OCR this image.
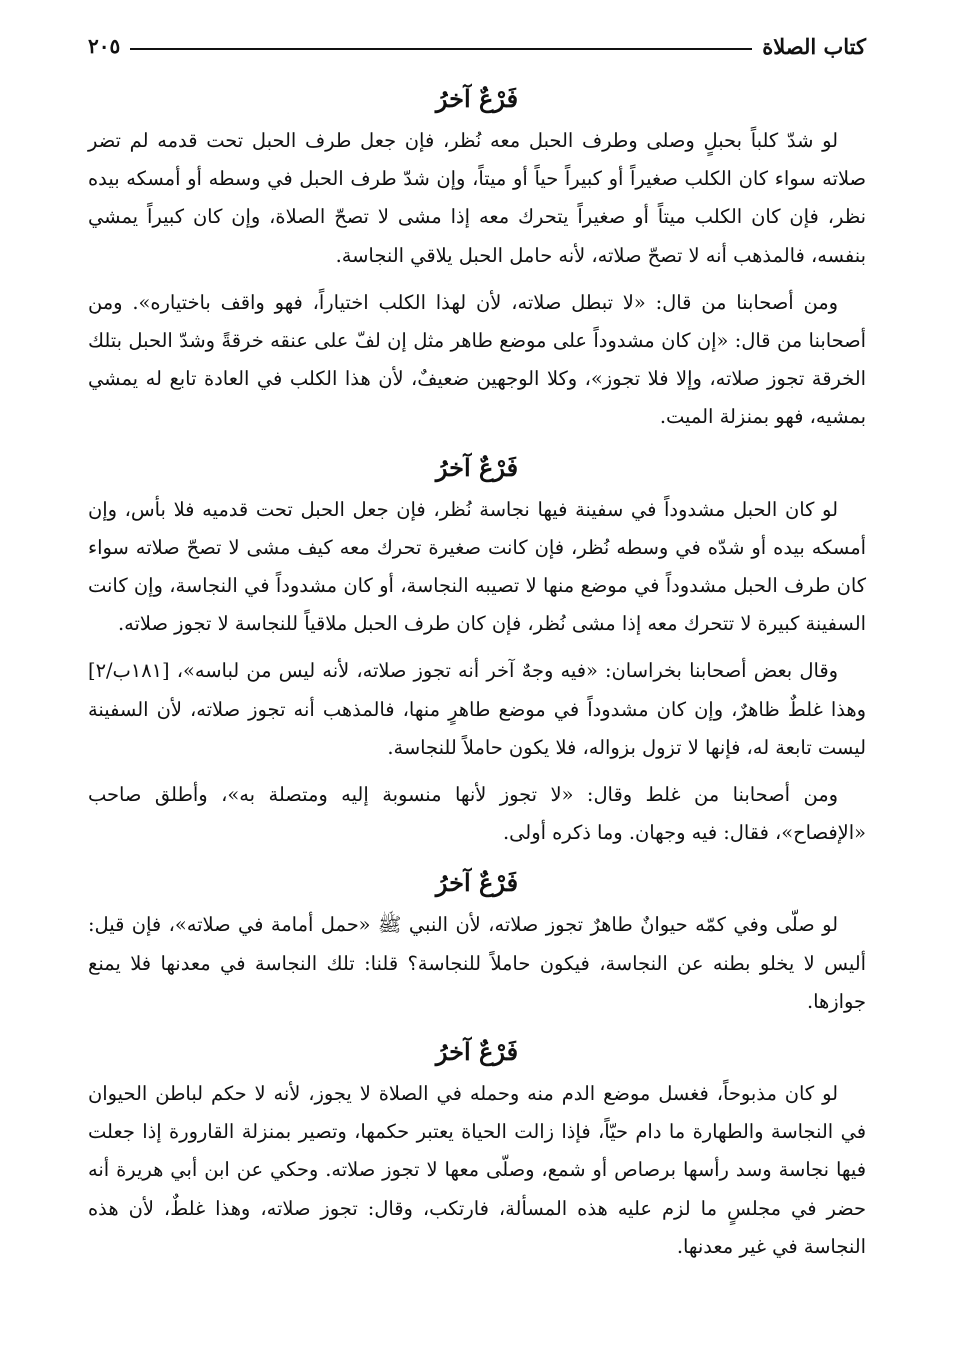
كتاب الصلاة
٢٠٥
فَرْعٌ آخرُ

لو شدّ كلباً بحبلٍ وصلى وطرف الحبل معه نُظر، فإن جعل طرف الحبل تحت قدمه لم تضر صلاته سواء كان الكلب صغيراً أو كبيراً حياً أو ميتاً، وإن شدّ طرف الحبل في وسطه أو أمسكه بيده نظر، فإن كان الكلب ميتاً أو صغيراً يتحرك معه إذا مشى لا تصحّ الصلاة، وإن كان كبيراً يمشي بنفسه، فالمذهب أنه لا تصحّ صلاته، لأنه حامل الحبل يلاقي النجاسة.

ومن أصحابنا من قال: «لا تبطل صلاته، لأن لهذا الكلب اختياراً، فهو واقف باختياره». ومن أصحابنا من قال: «إن كان مشدوداً على موضع طاهر مثل إن لفّ على عنقه خرقةً وشدّ الحبل بتلك الخرقة تجوز صلاته، وإلا فلا تجوز»، وكلا الوجهين ضعيفٌ، لأن هذا الكلب في العادة تابع له يمشي بمشيه، فهو بمنزلة الميت.

فَرْعٌ آخرُ

لو كان الحبل مشدوداً في سفينة فيها نجاسة نُظر، فإن جعل الحبل تحت قدميه فلا بأس، وإن أمسكه بيده أو شدّه في وسطه نُظر، فإن كانت صغيرة تحرك معه كيف مشى لا تصحّ صلاته سواء كان طرف الحبل مشدوداً في موضع منها لا تصيبه النجاسة، أو كان مشدوداً في النجاسة، وإن كانت السفينة كبيرة لا تتحرك معه إذا مشى نُظر، فإن كان طرف الحبل ملاقياً للنجاسة لا تجوز صلاته.

وقال بعض أصحابنا بخراسان: «فيه وجهٌ آخر أنه تجوز صلاته، لأنه ليس من لباسه»، [١٨١ب/٢] وهذا غلطٌ ظاهرٌ، وإن كان مشدوداً في موضع طاهرٍ منها، فالمذهب أنه تجوز صلاته، لأن السفينة ليست تابعة له، فإنها لا تزول بزواله، فلا يكون حاملاً للنجاسة.

ومن أصحابنا من غلط وقال: «لا تجوز لأنها منسوبة إليه ومتصلة به»، وأطلق صاحب «الإفصاح»، فقال: فيه وجهان. وما ذكره أولى.

فَرْعٌ آخرُ

لو صلّى وفي كمّه حيوانٌ طاهرٌ تجوز صلاته، لأن النبي ﷺ «حمل أمامة في صلاته»، فإن قيل: أليس لا يخلو بطنه عن النجاسة، فيكون حاملاً للنجاسة؟ قلنا: تلك النجاسة في معدنها فلا يمنع جوازها.

فَرْعٌ آخرُ

لو كان مذبوحاً، فغسل موضع الدم منه وحمله في الصلاة لا يجوز، لأنه لا حكم لباطن الحيوان في النجاسة والطهارة ما دام حيّاً، فإذا زالت الحياة يعتبر حكمها، وتصير بمنزلة القارورة إذا جعلت فيها نجاسة وسد رأسها برصاص أو شمع، وصلّى معها لا تجوز صلاته. وحكي عن ابن أبي هريرة أنه حضر في مجلسٍ ما لزم عليه هذه المسألة، فارتكب، وقال: تجوز صلاته، وهذا غلطٌ، لأن هذه النجاسة في غير معدنها.
